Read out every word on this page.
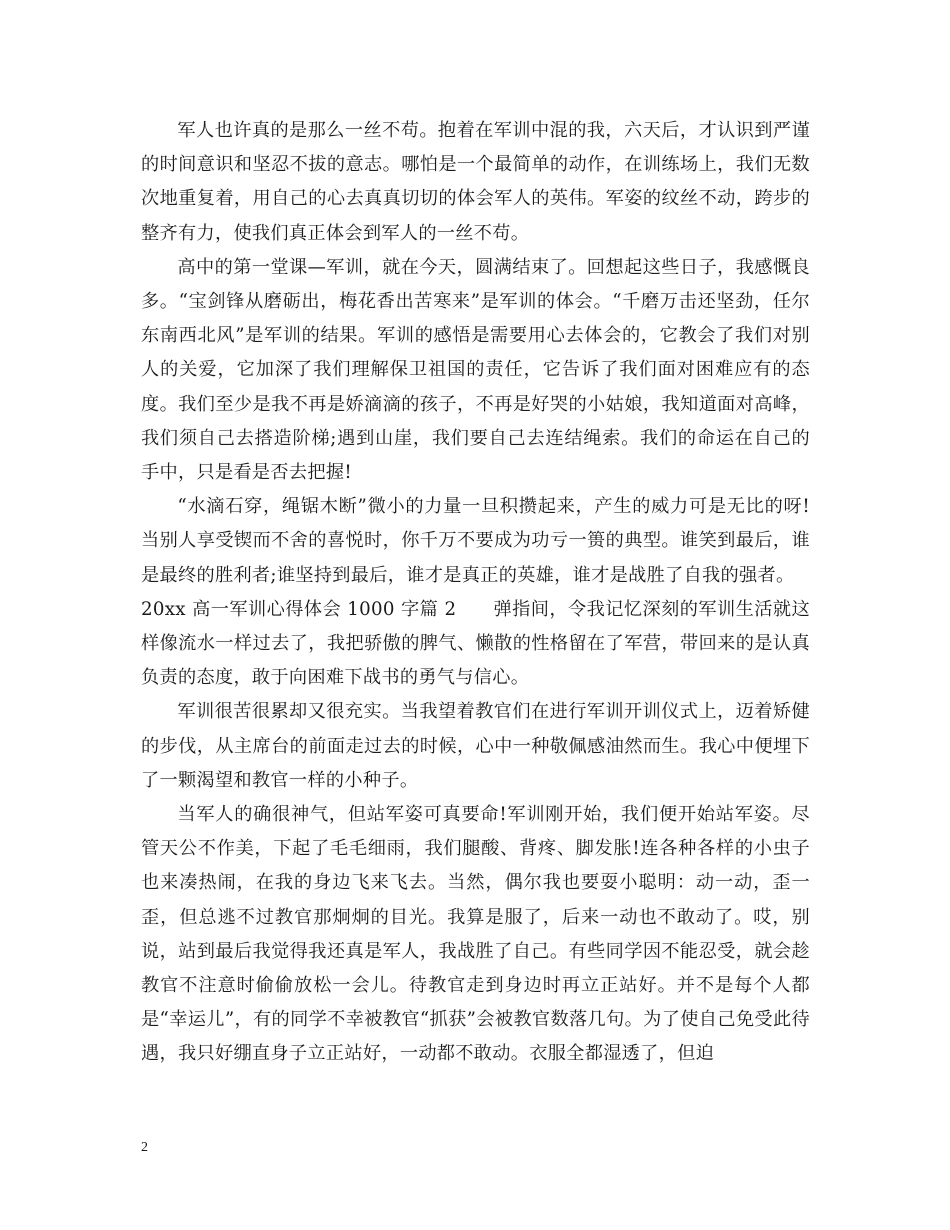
军人也许真的是那么一丝不苟。抱着在军训中混的我，六天后，才认识到严谨的时间意识和坚忍不拔的意志。哪怕是一个最简单的动作，在训练场上，我们无数次地重复着，用自己的心去真真切切的体会军人的英伟。军姿的纹丝不动，跨步的整齐有力，使我们真正体会到军人的一丝不苟。

高中的第一堂课—军训，就在今天，圆满结束了。回想起这些日子，我感慨良多。“宝剑锋从磨砺出，梅花香出苦寒来”是军训的体会。“千磨万击还坚劲，任尔东南西北风”是军训的结果。军训的感悟是需要用心去体会的，它教会了我们对别人的关爱，它加深了我们理解保卫祖国的责任，它告诉了我们面对困难应有的态度。我们至少是我不再是娇滴滴的孩子，不再是好哭的小姑娘，我知道面对高峰，我们须自己去搭造阶梯;遇到山崖，我们要自己去连结绳索。我们的命运在自己的手中，只是看是否去把握!

“水滴石穿，绳锯木断”微小的力量一旦积攒起来，产生的威力可是无比的呀!当别人享受锲而不舍的喜悦时，你千万不要成为功亏一篑的典型。谁笑到最后，谁是最终的胜利者;谁坚持到最后，谁才是真正的英雄，谁才是战胜了自我的强者。

20xx 高一军训心得体会 1000 字篇 2   弹指间，令我记忆深刻的军训生活就这样像流水一样过去了，我把骄傲的脾气、懒散的性格留在了军营，带回来的是认真负责的态度，敢于向困难下战书的勇气与信心。

军训很苦很累却又很充实。当我望着教官们在进行军训开训仪式上，迈着矫健的步伐，从主席台的前面走过去的时候，心中一种敬佩感油然而生。我心中便埋下了一颗渴望和教官一样的小种子。

当军人的确很神气，但站军姿可真要命!军训刚开始，我们便开始站军姿。尽管天公不作美，下起了毛毛细雨，我们腿酸、背疼、脚发胀!连各种各样的小虫子也来凑热闹，在我的身边飞来飞去。当然，偶尔我也要耍小聪明：动一动，歪一歪，但总逃不过教官那炯炯的目光。我算是服了，后来一动也不敢动了。哎，别说，站到最后我觉得我还真是军人，我战胜了自己。有些同学因不能忍受，就会趁教官不注意时偷偷放松一会儿。待教官走到身边时再立正站好。并不是每个人都是“幸运儿”，有的同学不幸被教官“抓获”会被教官数落几句。为了使自己免受此待遇，我只好绷直身子立正站好，一动都不敢动。衣服全都湿透了，但迫

2
